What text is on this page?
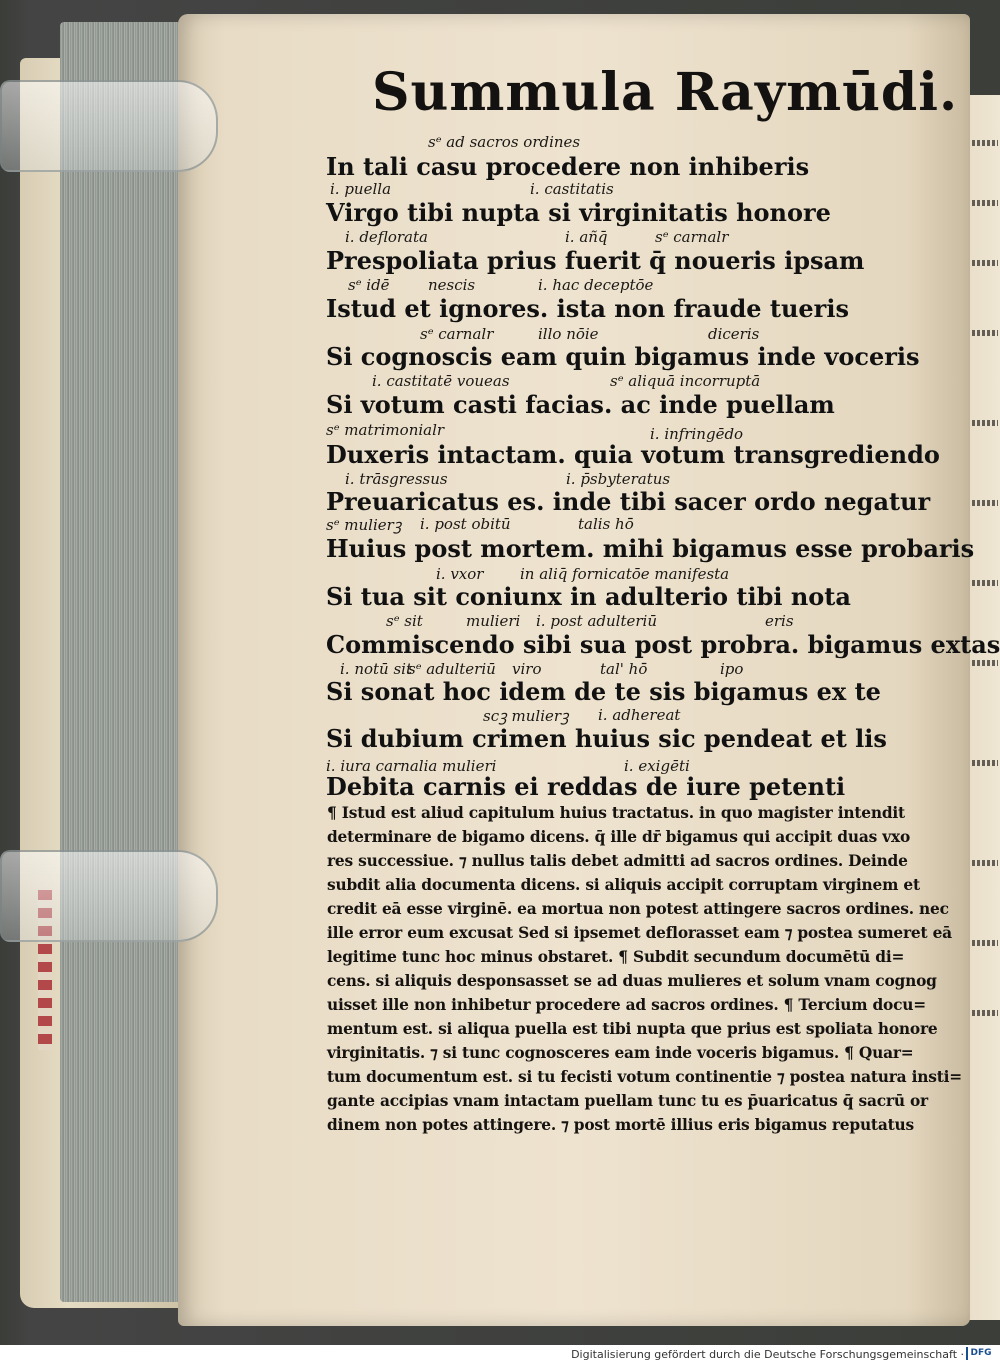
Summula Raymūdi.
sᵉ ad sacros ordines
i. puella	i. castitatis
i. deflorata	i. añq̄	sᵉ carnalr
sᵉ idē	nescis	i. hac deceptōe
sᵉ carnalr	illo nōie	diceris
i. castitatē voueas	sᵉ aliquā incorruptā
sᵉ matrimonialr	i. infringēdo
i. trāsgressus	i. p̄sbyteratus
sᵉ mulierꝫ i. post obitū	talis hō̄
i. vxor in aliq̄ fornicatōe manifesta
sᵉ sit	mulieri i. post adulteriū	eris
i. notū sit
sᵉ adulteriū viro	tal' hō̄	ipo
scꝫ mulierꝫ i. adhereat
i. iura carnalia mulieri	i. exigēti
In tali casu procedere non inhiberis
Virgo tibi nupta si virginitatis honore
Prespoliata prius fuerit q̄ noueris ipsam
Istud et ignores. ista non fraude tueris
Si cognoscis eam quin bigamus inde voceris
Si votum casti facias. ac inde puellam
Duxeris intactam. quia votum transgrediendo
Preuaricatus es. inde tibi sacer ordo negatur
Huius post mortem. mihi bigamus esse probaris
Si tua sit coniunx in adulterio tibi nota
Commiscendo sibi sua post probra. bigamus extas
Si sonat hoc idem de te sis bigamus ex te
Si dubium crimen huius sic pendeat et lis
Debita carnis ei reddas de iure petenti
¶ Istud est aliud capitulum huius tractatus. in quo magister intendit
determinare de bigamo dicens. q̄ ille dr̄ bigamus qui accipit duas vxo
res successiue. ⁊ nullus talis debet admitti ad sacros ordines. Deinde
subdit alia documenta dicens. si aliquis accipit corruptam virginem et
credit eā esse virginē. ea mortua non potest attingere sacros ordines. nec
ille error eum excusat Sed si ipsemet deflorasset eam ⁊ postea sumeret eā
legitime tunc hoc minus obstaret. ¶ Subdit secundum documētū di=
cens. si aliquis desponsasset se ad duas mulieres et solum vnam cognog
uisset ille non inhibetur procedere ad sacros ordines. ¶ Tercium docu=
mentum est. si aliqua puella est tibi nupta que prius est spoliata honore
virginitatis. ⁊ si tunc cognosceres eam inde voceris bigamus. ¶ Quar=
tum documentum est. si tu fecisti votum continentie ⁊ postea natura insti=
gante accipias vnam intactam puellam tunc tu es p̄uaricatus q̄ sacrū or
dinem non potes attingere. ⁊ post mortē illius eris bigamus reputatus
Digitalisierung gefördert durch die Deutsche Forschungsgemeinschaft · DFG
